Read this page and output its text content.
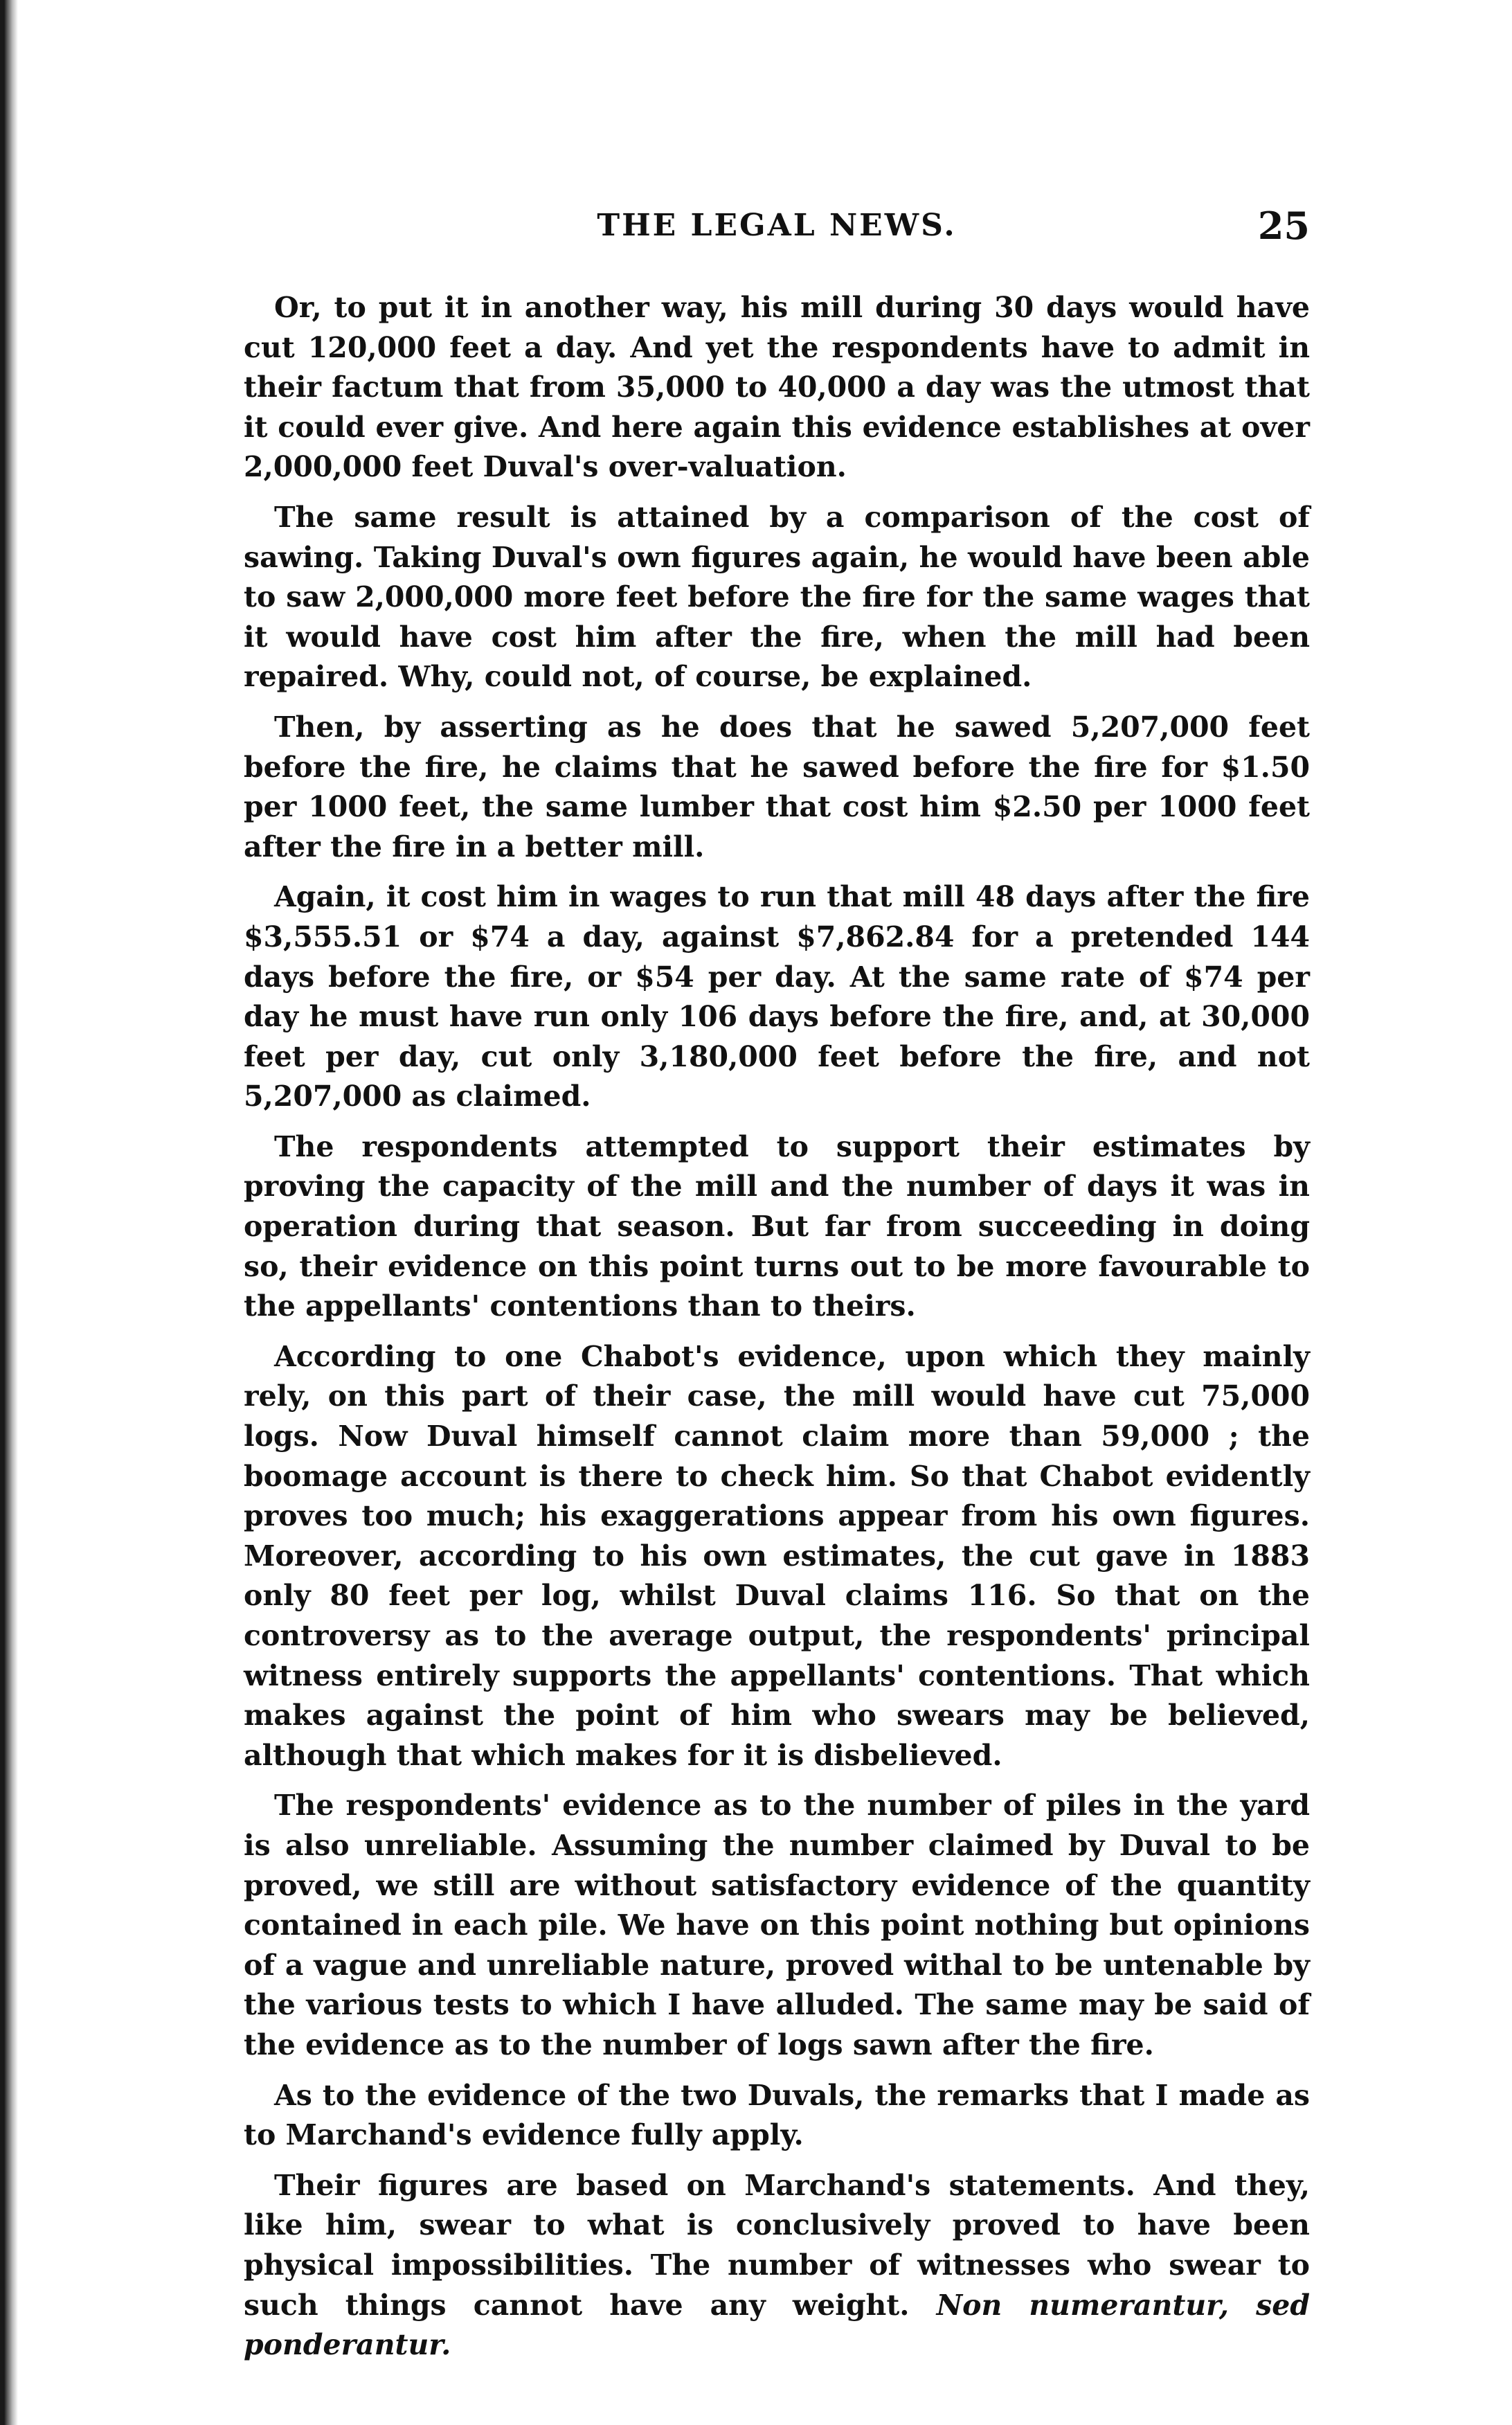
THE LEGAL NEWS.	25

Or, to put it in another way, his mill during 30 days would have cut 120,000 feet a day. And yet the respondents have to admit in their factum that from 35,000 to 40,000 a day was the utmost that it could ever give. And here again this evidence establishes at over 2,000,000 feet Duval's over-valuation.

The same result is attained by a comparison of the cost of sawing. Taking Duval's own figures again, he would have been able to saw 2,000,000 more feet before the fire for the same wages that it would have cost him after the fire, when the mill had been repaired. Why, could not, of course, be explained.

Then, by asserting as he does that he sawed 5,207,000 feet before the fire, he claims that he sawed before the fire for $1.50 per 1000 feet, the same lumber that cost him $2.50 per 1000 feet after the fire in a better mill.

Again, it cost him in wages to run that mill 48 days after the fire $3,555.51 or $74 a day, against $7,862.84 for a pretended 144 days before the fire, or $54 per day. At the same rate of $74 per day he must have run only 106 days before the fire, and, at 30,000 feet per day, cut only 3,180,000 feet before the fire, and not 5,207,000 as claimed.

The respondents attempted to support their estimates by proving the capacity of the mill and the number of days it was in operation during that season. But far from succeeding in doing so, their evidence on this point turns out to be more favourable to the appellants' contentions than to theirs.

According to one Chabot's evidence, upon which they mainly rely, on this part of their case, the mill would have cut 75,000 logs. Now Duval himself cannot claim more than 59,000 ; the boomage account is there to check him. So that Chabot evidently proves too much; his exaggerations appear from his own figures. Moreover, according to his own estimates, the cut gave in 1883 only 80 feet per log, whilst Duval claims 116. So that on the controversy as to the average output, the respondents' principal witness entirely supports the appellants' contentions. That which makes against the point of him who swears may be believed, although that which makes for it is disbelieved.

The respondents' evidence as to the number of piles in the yard is also unreliable. Assuming the number claimed by Duval to be proved, we still are without satisfactory evidence of the quantity contained in each pile. We have on this point nothing but opinions of a vague and unreliable nature, proved withal to be untenable by the various tests to which I have alluded. The same may be said of the evidence as to the number of logs sawn after the fire.

As to the evidence of the two Duvals, the remarks that I made as to Marchand's evidence fully apply.

Their figures are based on Marchand's statements. And they, like him, swear to what is conclusively proved to have been physical impossibilities. The number of witnesses who swear to such things cannot have any weight. Non numerantur, sed ponderantur.
